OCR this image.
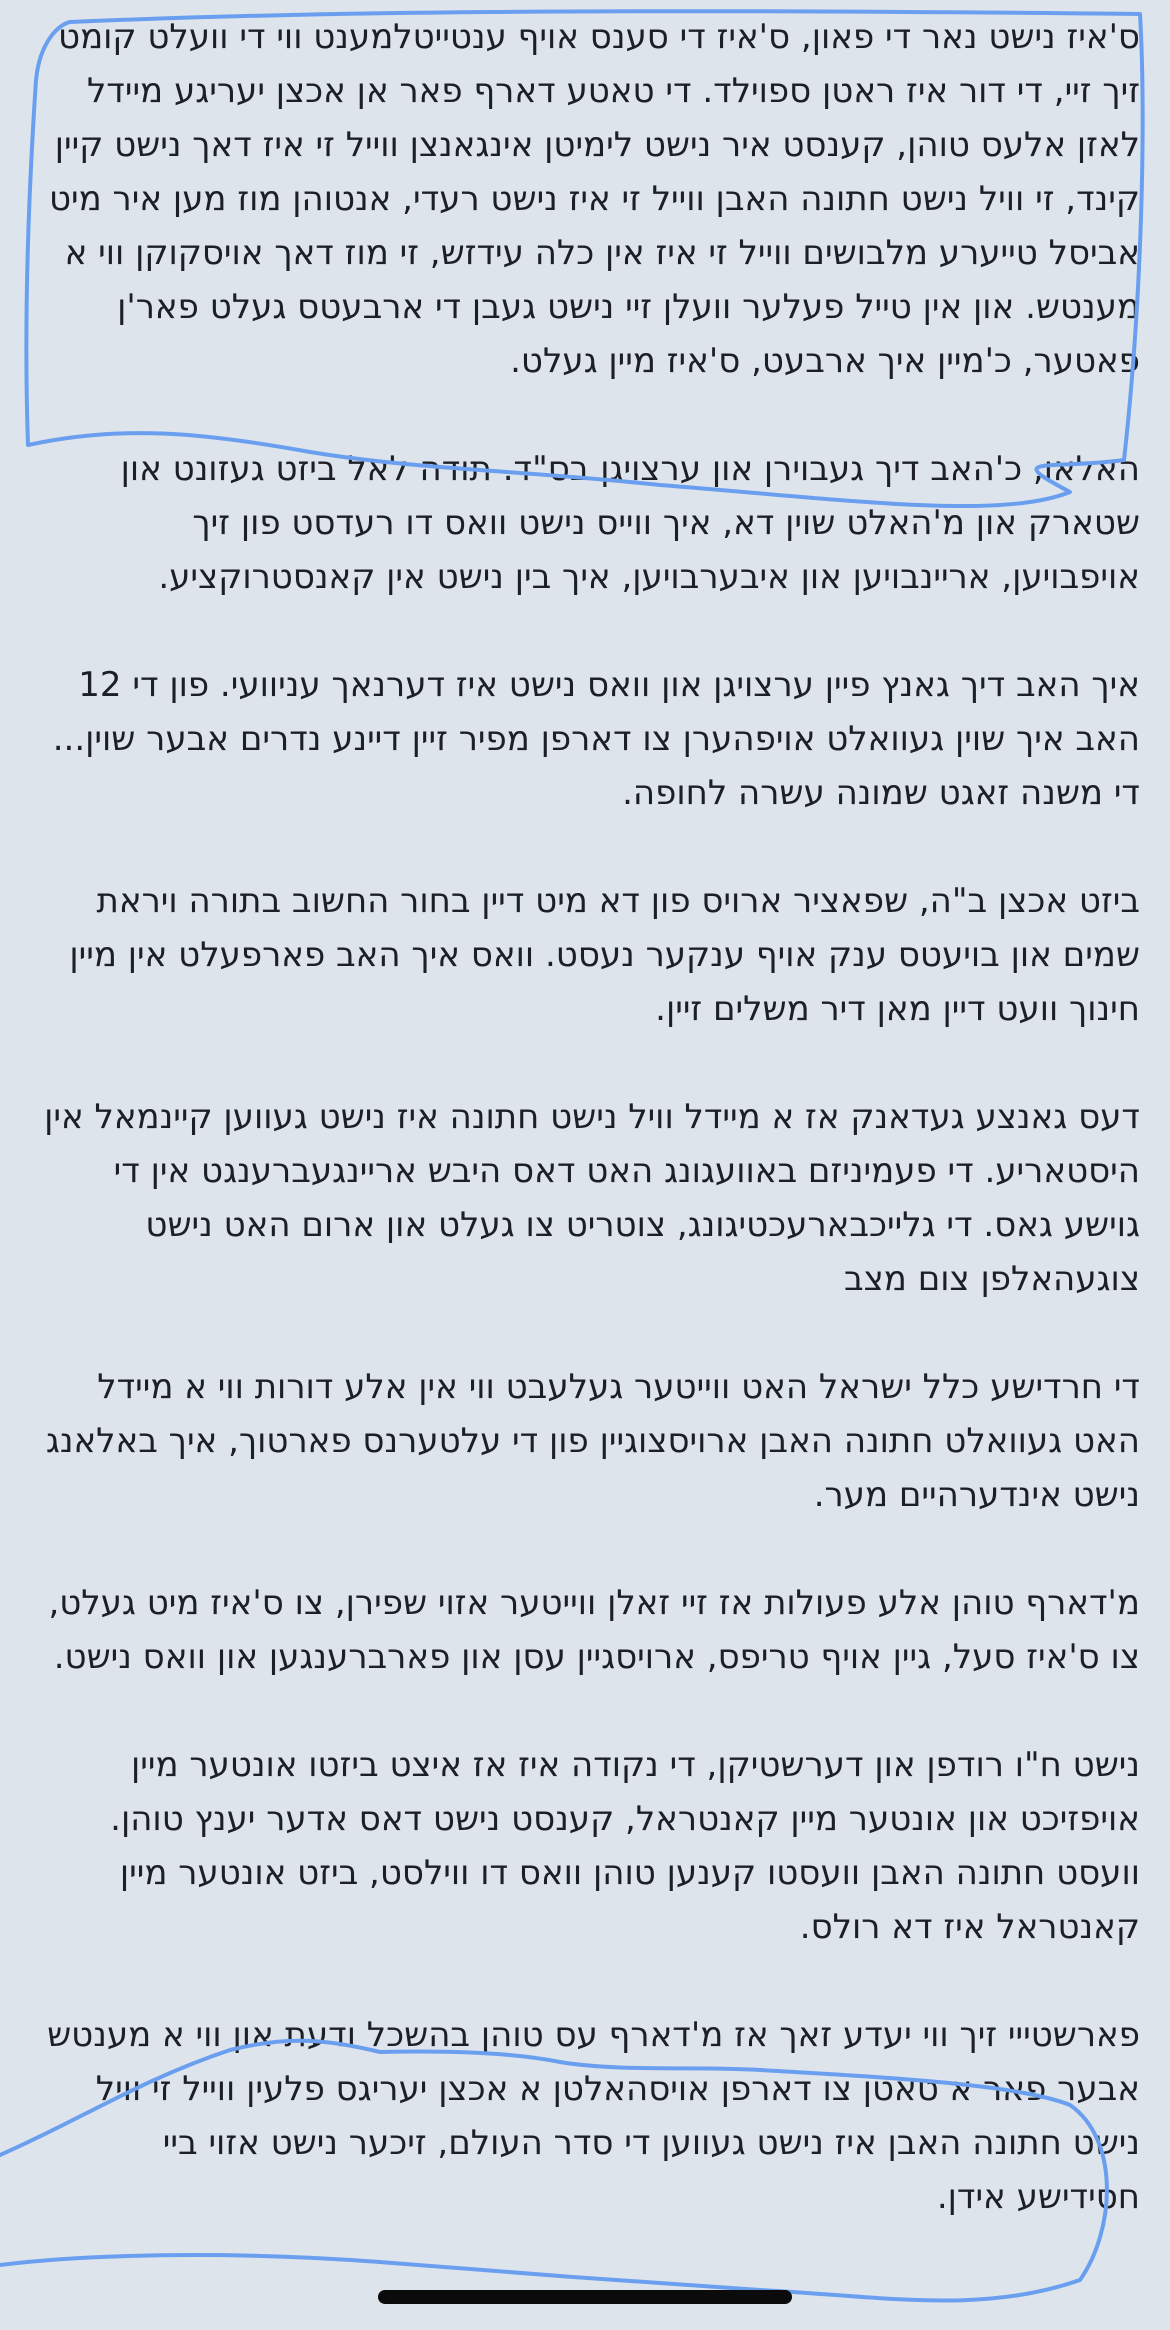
ס'איז נישט נאר די פאון, ס'איז די סענס אויף ענטייטלמענט ווי די וועלט קומט זיך זיי, די דור איז ראטן ספוילד. די טאטע דארף פאר אן אכצן יעריגע מיידל לאזן אלעס טוהן, קענסט איר נישט לימיטן אינגאנצן ווייל זי איז דאך נישט קיין קינד, זי וויל נישט חתונה האבן ווייל זי איז נישט רעדי, אנטוהן מוז מען איר מיט אביסל טייערע מלבושים ווייל זי איז אין כלה עידזש, זי מוז דאך אויסקוקן ווי א מענטש. און אין טייל פעלער וועלן זיי נישט געבן די ארבעטס געלט פאר'ן פאטער, כ'מיין איך ארבעט, ס'איז מיין געלט.

האלאו, כ'האב דיך געבוירן און ערצויגן בס"ד. תודה לאל ביזט געזונט און שטארק און מ'האלט שוין דא, איך ווייס נישט וואס דו רעדסט פון זיך אויפבויען, אריינבויען און איבערבויען, איך בין נישט אין קאנסטרוקציע.

איך האב דיך גאנץ פיין ערצויגן און וואס נישט איז דערנאך עניוועי. פון די 12 האב איך שוין געוואלט אויפהערן צו דארפן מפיר זיין דיינע נדרים אבער שוין... די משנה זאגט שמונה עשרה לחופה.

ביזט אכצן ב"ה, שפאציר ארויס פון דא מיט דיין בחור החשוב בתורה ויראת שמים און בויעטס ענק אויף ענקער נעסט. וואס איך האב פארפעלט אין מיין חינוך וועט דיין מאן דיר משלים זיין.

דעס גאנצע געדאנק אז א מיידל וויל נישט חתונה איז נישט געווען קיינמאל אין היסטאריע. די פעמיניזם באוועגונג האט דאס היבש אריינגעברענגט אין די גוישע גאס. די גלייכבארעכטיגונג, צוטריט צו געלט און ארום האט נישט צוגעהאלפן צום מצב

די חרדישע כלל ישראל האט ווייטער געלעבט ווי אין אלע דורות ווי א מיידל האט געוואלט חתונה האבן ארויסצוגיין פון די עלטערנס פארטוך, איך באלאנג נישט אינדערהיים מער.

מ'דארף טוהן אלע פעולות אז זיי זאלן ווייטער אזוי שפירן, צו ס'איז מיט געלט, צו ס'איז סעל, גיין אויף טריפס, ארויסגיין עסן און פארברענגען און וואס נישט.

נישט ח"ו רודפן און דערשטיקן, די נקודה איז אז איצט ביזטו אונטער מיין אויפזיכט און אונטער מיין קאנטראל, קענסט נישט דאס אדער יענץ טוהן. וועסט חתונה האבן וועסטו קענען טוהן וואס דו ווילסט, ביזט אונטער מיין קאנטראל איז דא רולס.

פארשטייי זיך ווי יעדע זאך אז מ'דארף עס טוהן בהשכל ודעת און ווי א מענטש אבער פאר א טאטן צו דארפן אויסהאלטן א אכצן יעריגס פלעין ווייל זי וויל נישט חתונה האבן איז נישט געווען די סדר העולם, זיכער נישט אזוי ביי חסידישע אידן.
